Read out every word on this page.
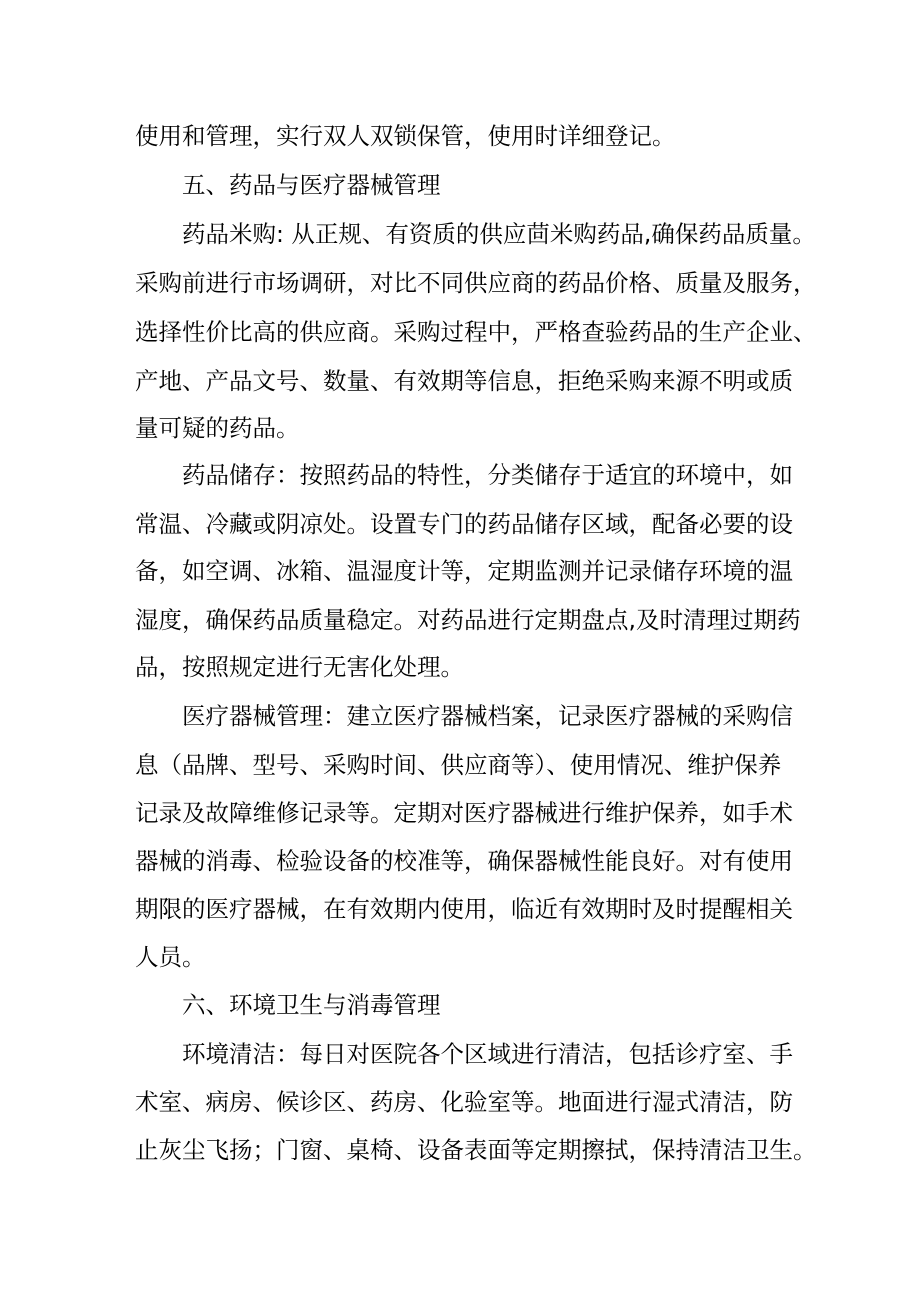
使用和管理，实行双人双锁保管，使用时详细登记。

五、药品与医疗器械管理

药品米购: 从正规、有资质的供应茴米购药品,确保药品质量。

采购前进行市场调研，对比不同供应商的药品价格、质量及服务，

选择性价比高的供应商。采购过程中，严格查验药品的生产企业、

产地、产品文号、数量、有效期等信息，拒绝采购来源不明或质

量可疑的药品。

药品储存：按照药品的特性，分类储存于适宜的环境中，如

常温、冷藏或阴凉处。设置专门的药品储存区域，配备必要的设

备，如空调、冰箱、温湿度计等，定期监测并记录储存环境的温

湿度，确保药品质量稳定。对药品进行定期盘点,及时清理过期药

品，按照规定进行无害化处理。

医疗器械管理：建立医疗器械档案，记录医疗器械的采购信

息（品牌、型号、采购时间、供应商等）、使用情况、维护保养

记录及故障维修记录等。定期对医疗器械进行维护保养，如手术

器械的消毒、检验设备的校准等，确保器械性能良好。对有使用

期限的医疗器械，在有效期内使用，临近有效期时及时提醒相关

人员。

六、环境卫生与消毒管理

环境清洁：每日对医院各个区域进行清洁，包括诊疗室、手

术室、病房、候诊区、药房、化验室等。地面进行湿式清洁，防

止灰尘飞扬；门窗、桌椅、设备表面等定期擦拭，保持清洁卫生。
